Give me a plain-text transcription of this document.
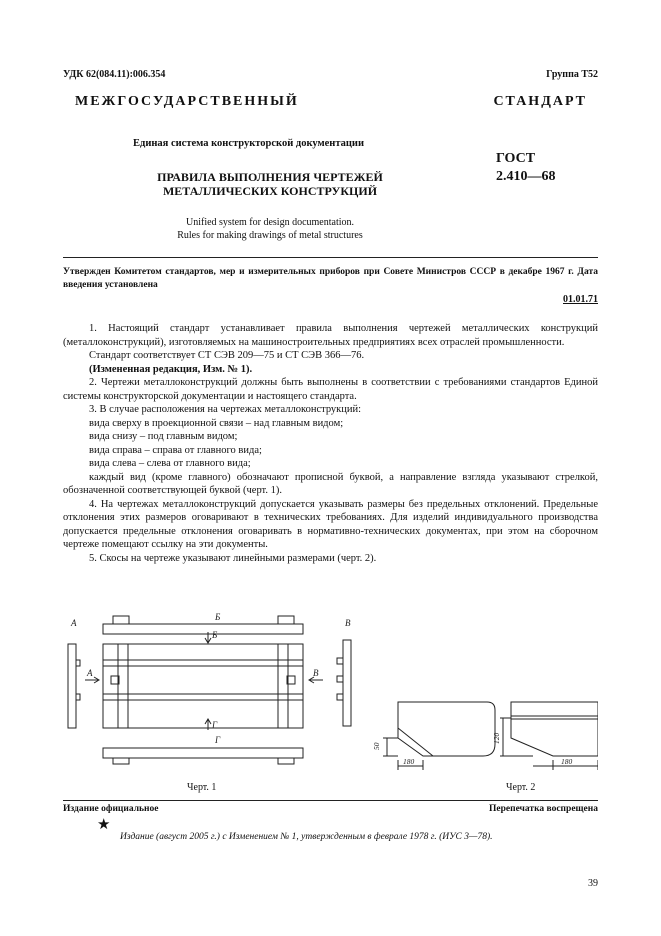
УДК 62(084.11):006.354	Группа Т52
МЕЖГОСУДАРСТВЕННЫЙ СТАНДАРТ
Единая система конструкторской документации
ПРАВИЛА ВЫПОЛНЕНИЯ ЧЕРТЕЖЕЙ
МЕТАЛЛИЧЕСКИХ КОНСТРУКЦИЙ
ГОСТ
2.410—68
Unified system for design documentation.
Rules for making drawings of metal structures
Утвержден Комитетом стандартов, мер и измерительных приборов при Совете Министров СССР в декабре 1967 г. Дата введения установлена
01.01.71

1. Настоящий стандарт устанавливает правила выполнения чертежей металлических конструкций (металлоконструкций), изготовляемых на машиностроительных предприятиях всех отраслей промышленности.

Стандарт соответствует СТ СЭВ 209—75 и СТ СЭВ 366—76.

(Измененная редакция, Изм. № 1).

2. Чертежи металлоконструкций должны быть выполнены в соответствии с требованиями стандартов Единой системы конструкторской документации и настоящего стандарта.

3. В случае расположения на чертежах металлоконструкций:

вида сверху в проекционной связи – над главным видом;

вида снизу – под главным видом;

вида справа – справа от главного вида;

вида слева – слева от главного вида;

каждый вид (кроме главного) обозначают прописной буквой, а направление взгляда указывают стрелкой, обозначенной соответствующей буквой (черт. 1).

4. На чертежах металлоконструкций допускается указывать размеры без предельных отклонений. Предельные отклонения этих размеров оговаривают в технических требованиях. Для изделий индивидуального производства допускается предельные отклонения оговаривать в нормативно-технических документах, при этом на сборочном чертеже помещают ссылку на эти документы.

5. Скосы на чертеже указывают линейными размерами (черт. 2).

Б
А	В
А
Б
В
Г
Г
50
180
120
180
Черт. 1	Черт. 2
Издание официальное	Перепечатка воспрещена
★
Издание (август 2005 г.) с Изменением № 1, утвержденным в феврале 1978 г. (ИУС 3—78).
39
